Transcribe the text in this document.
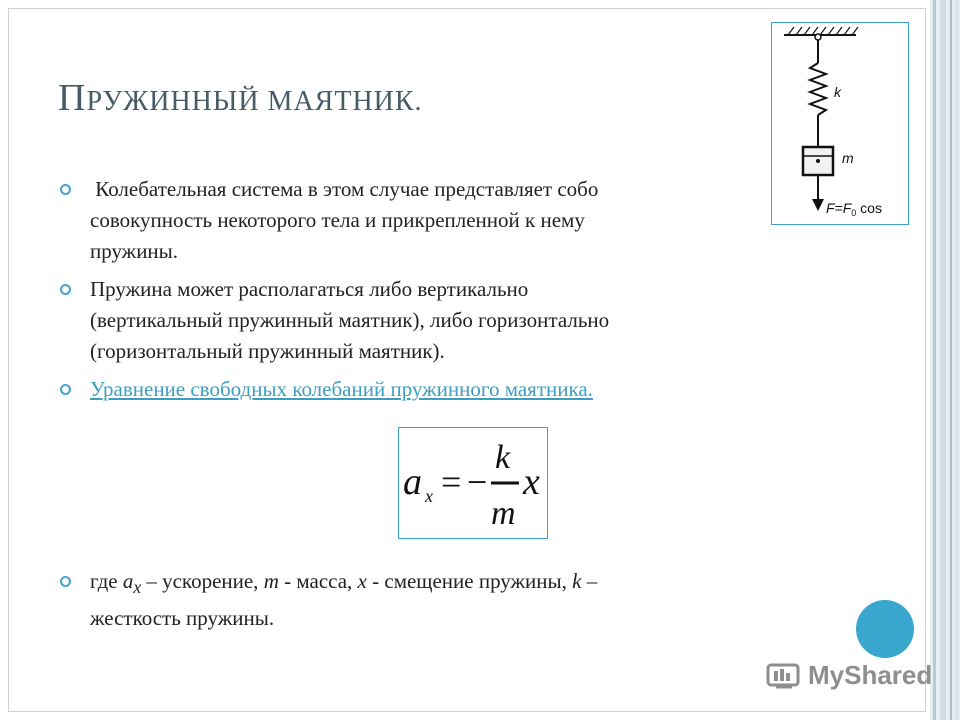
ПРУЖИННЫЙ МАЯТНИК.
Колебательная система в этом случае представляет собо
совокупность некоторого тела и прикрепленной к нему
пружины.
Пружина может располагаться либо вертикально
(вертикальный пружинный маятник), либо горизонтально
(горизонтальный пружинный маятник).
Уравнение свободных колебаний пружинного маятника.
a x = −
k
m
x
где $a_x$ – ускорение, m - масса, x - смещение пружины, k –
жесткость пружины.
k
m
$F=F_0$ cos
MyShared
